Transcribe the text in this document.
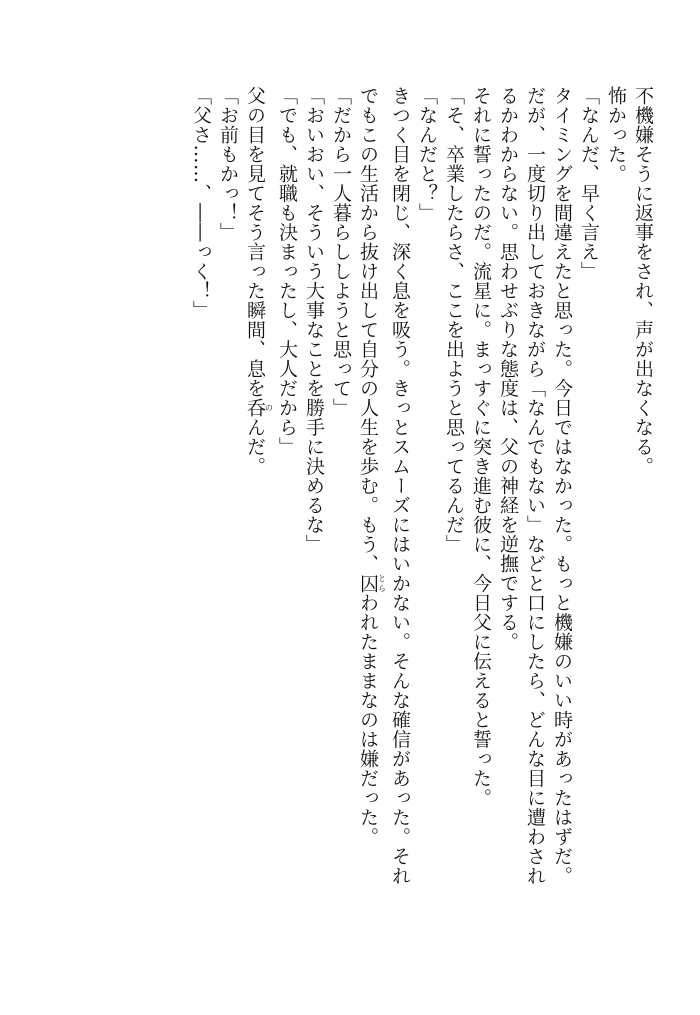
不機嫌そうに返事をされ、声が出なくなる。

怖かった。

「なんだ、早く言え」

タイミングを間違えたと思った。今日ではなかった。もっと機嫌のいい時があったはずだ。

だが、一度切り出しておきながら「なんでもない」などと口にしたら、どんな目に遭わされ

るかわからない。思わせぶりな態度は、父の神経を逆撫でする。

それに誓ったのだ。流星に。まっすぐに突き進む彼に、今日父に伝えると誓った。

「そ、卒業したらさ、ここを出ようと思ってるんだ」

「なんだと？」

きつく目を閉じ、深く息を吸う。きっとスムーズにはいかない。そんな確信があった。それ

でもこの生活から抜け出して自分の人生を歩む。もう、囚とらわれたままなのは嫌だった。

「だから一人暮らししようと思って」

「おいおい、そういう大事なことを勝手に決めるな」

「でも、就職も決まったし、大人だから」

父の目を見てそう言った瞬間、息を呑のんだ。

「お前もかっ！」

「父さ……、――っく！」
